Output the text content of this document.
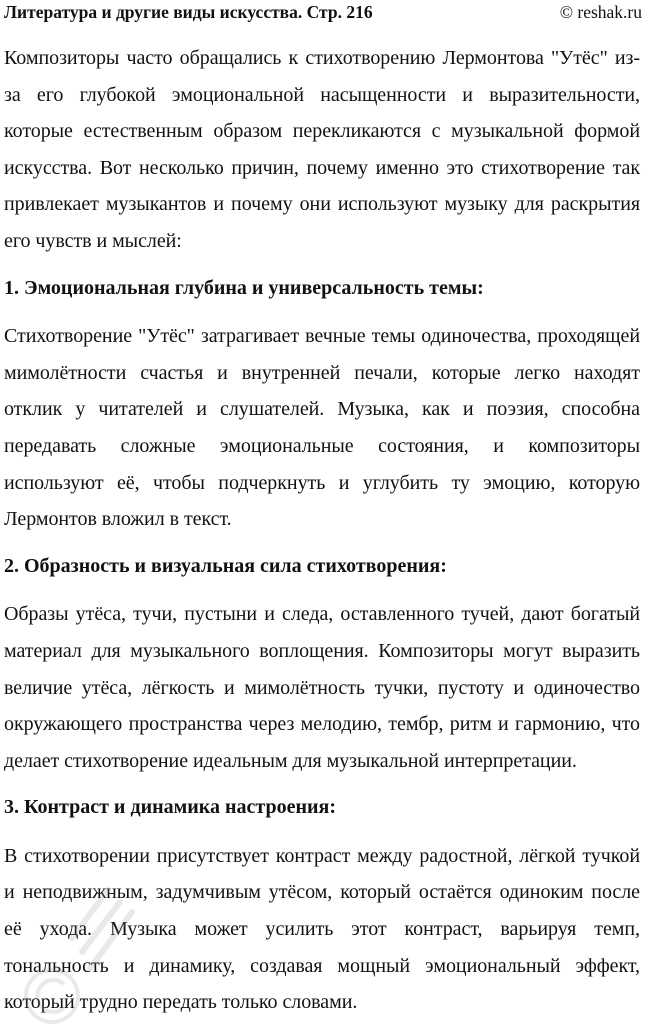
Литература и другие виды искусства. Стр. 216	© reshak.ru

Композиторы часто обращались к стихотворению Лермонтова "Утёс" из-за его глубокой эмоциональной насыщенности и выразительности, которые естественным образом перекликаются с музыкальной формой искусства. Вот несколько причин, почему именно это стихотворение так привлекает музыкантов и почему они используют музыку для раскрытия его чувств и мыслей:

1. Эмоциональная глубина и универсальность темы:

Стихотворение "Утёс" затрагивает вечные темы одиночества, проходящей мимолётности счастья и внутренней печали, которые легко находят отклик у читателей и слушателей. Музыка, как и поэзия, способна передавать сложные эмоциональные состояния, и композиторы используют её, чтобы подчеркнуть и углубить ту эмоцию, которую Лермонтов вложил в текст.

2. Образность и визуальная сила стихотворения:

Образы утёса, тучи, пустыни и следа, оставленного тучей, дают богатый материал для музыкального воплощения. Композиторы могут выразить величие утёса, лёгкость и мимолётность тучки, пустоту и одиночество окружающего пространства через мелодию, тембр, ритм и гармонию, что делает стихотворение идеальным для музыкальной интерпретации.

3. Контраст и динамика настроения:

В стихотворении присутствует контраст между радостной, лёгкой тучкой и неподвижным, задумчивым утёсом, который остаётся одиноким после её ухода. Музыка может усилить этот контраст, варьируя темп, тональность и динамику, создавая мощный эмоциональный эффект, который трудно передать только словами.
